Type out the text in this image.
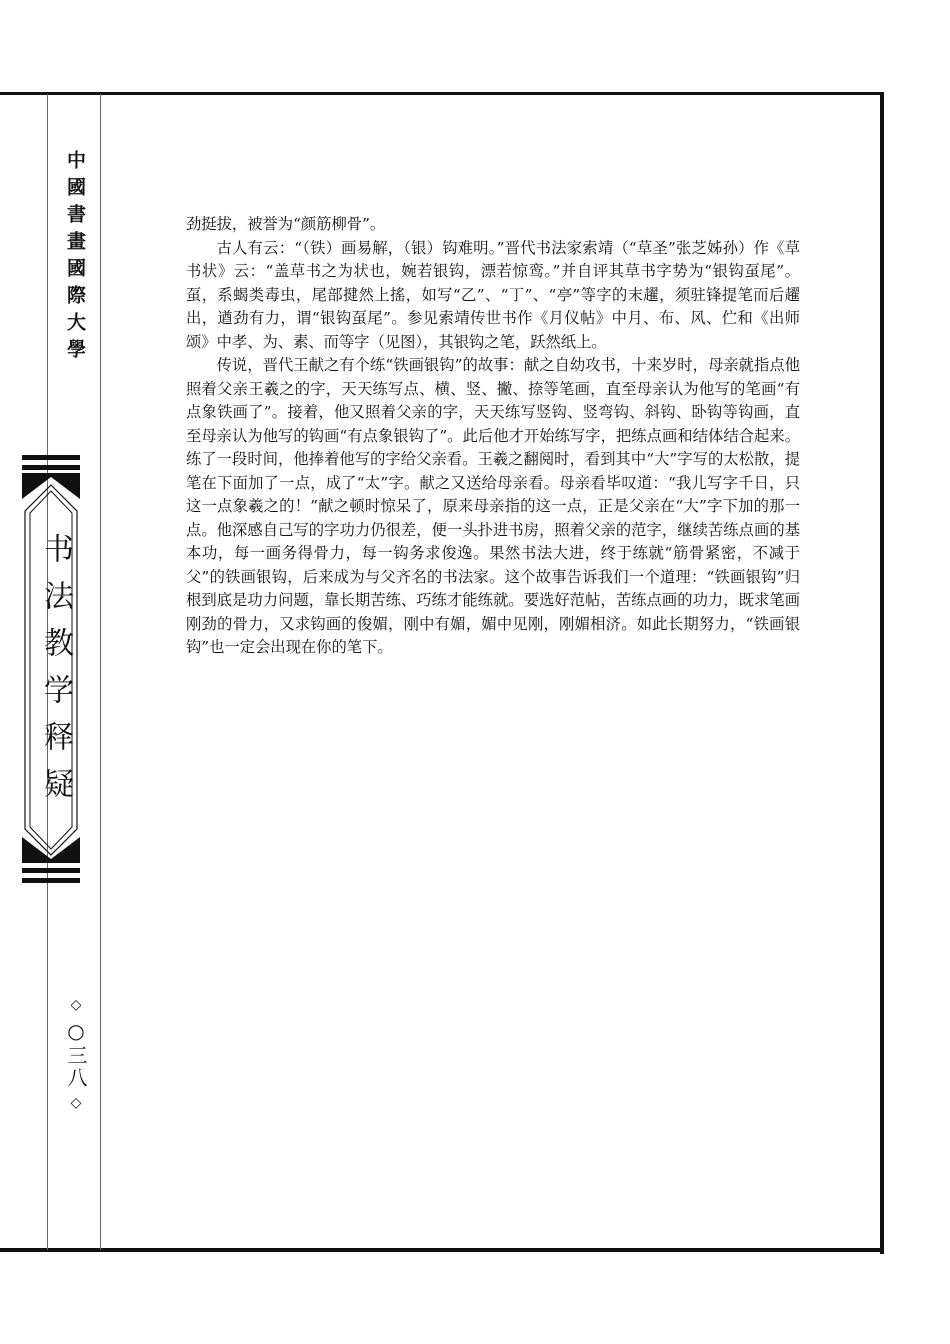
中國書畫國際大學
书法教学释疑
◇
○三八
◇

劲挺拔，被誉为“颜筋柳骨”。

古人有云：“（铁）画易解，（银）钩难明。”晋代书法家索靖（“草圣”张芝姊孙）作《草书状》云：“盖草书之为状也，婉若银钩，漂若惊鸾。”并自评其草书字势为“银钩虿尾”。虿，系蝎类毒虫，尾部揵然上搖，如写“乙”、“丁”、“亭”等字的末趯，须驻锋提笔而后趯出，遒劲有力，谓“银钩虿尾”。参见索靖传世书作《月仪帖》中月、布、风、伫和《出师颂》中孝、为、素、而等字（见图），其银钩之笔，跃然纸上。

传说，晋代王献之有个练“铁画银钩”的故事：献之自幼攻书，十来岁时，母亲就指点他照着父亲王羲之的字，天天练写点、横、竖、撇、捺等笔画，直至母亲认为他写的笔画“有点象铁画了”。接着，他又照着父亲的字，天天练写竖钩、竖弯钩、斜钩、卧钩等钩画，直至母亲认为他写的钩画“有点象银钩了”。此后他才开始练写字，把练点画和结体结合起来。练了一段时间，他捧着他写的字给父亲看。王羲之翻阅时，看到其中“大”字写的太松散，提笔在下面加了一点，成了“太”字。献之又送给母亲看。母亲看毕叹道：“我儿写字千日，只这一点象羲之的！”献之顿时惊呆了，原来母亲指的这一点，正是父亲在“大”字下加的那一点。他深感自己写的字功力仍很差，便一头扑进书房，照着父亲的范字，继续苦练点画的基本功，每一画务得骨力，每一钩务求俊逸。果然书法大进，终于练就“筋骨紧密，不减于父”的铁画银钩，后来成为与父齐名的书法家。这个故事告诉我们一个道理：“铁画银钩”归根到底是功力问题，靠长期苦练、巧练才能练就。要选好范帖，苦练点画的功力，既求笔画刚劲的骨力，又求钩画的俊媚，刚中有媚，媚中见刚，刚媚相济。如此长期努力，“铁画银钩”也一定会出现在你的笔下。
